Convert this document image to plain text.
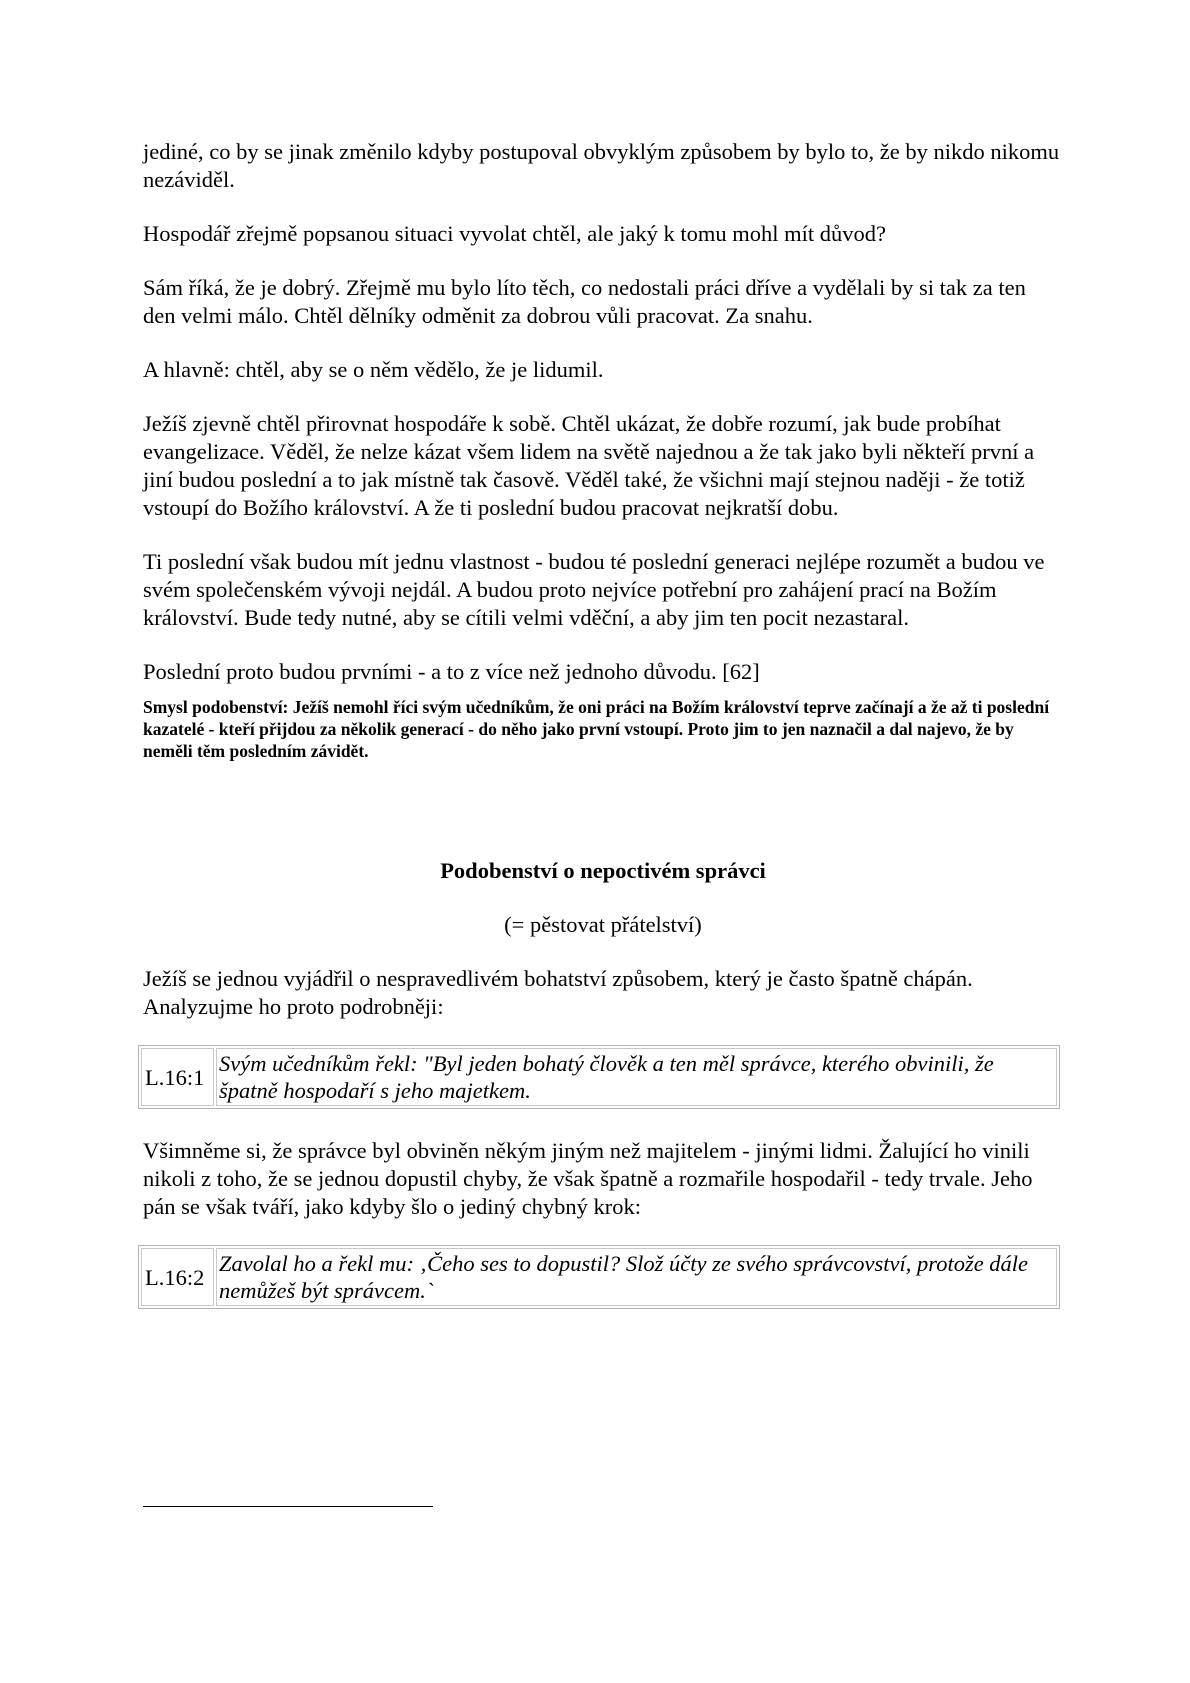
jediné, co by se jinak změnilo kdyby postupoval obvyklým způsobem by bylo to, že by nikdo nikomu nezáviděl.

Hospodář zřejmě popsanou situaci vyvolat chtěl, ale jaký k tomu mohl mít důvod?

Sám říká, že je dobrý. Zřejmě mu bylo líto těch, co nedostali práci dříve a vydělali by si tak za ten den velmi málo. Chtěl dělníky odměnit za dobrou vůli pracovat. Za snahu.

A hlavně: chtěl, aby se o něm vědělo, že je lidumil.

Ježíš zjevně chtěl přirovnat hospodáře k sobě. Chtěl ukázat, že dobře rozumí, jak bude probíhat evangelizace. Věděl, že nelze kázat všem lidem na světě najednou a že tak jako byli někteří první a jiní budou poslední a to jak místně tak časově. Věděl také, že všichni mají stejnou naději - že totiž vstoupí do Božího království. A že ti poslední budou pracovat nejkratší dobu.

Ti poslední však budou mít jednu vlastnost - budou té poslední generaci nejlépe rozumět a budou ve svém společenském vývoji nejdál. A budou proto nejvíce potřební pro zahájení prací na Božím království. Bude tedy nutné, aby se cítili velmi vděční, a aby jim ten pocit nezastaral.

Poslední proto budou prvními - a to z více než jednoho důvodu. [62]

Smysl podobenství: Ježíš nemohl říci svým učedníkům, že oni práci na Božím království teprve začínají a že až ti poslední kazatelé - kteří přijdou za několik generací - do něho jako první vstoupí. Proto jim to jen naznačil a dal najevo, že by neměli těm posledním závidět.

Podobenství o nepoctivém správci
(= pěstovat přátelství)

Ježíš se jednou vyjádřil o nespravedlivém bohatství způsobem, který je často špatně chápán. Analyzujme ho proto podrobněji:

L.16:1	Svým učedníkům řekl: "Byl jeden bohatý člověk a ten měl správce, kterého obvinili, že špatně hospodaří s jeho majetkem.

Všimněme si, že správce byl obviněn někým jiným než majitelem - jinými lidmi. Žalující ho vinili nikoli z toho, že se jednou dopustil chyby, že však špatně a rozmařile hospodařil - tedy trvale. Jeho pán se však tváří, jako kdyby šlo o jediný chybný krok:

L.16:2	Zavolal ho a řekl mu: ‚Čeho ses to dopustil? Slož účty ze svého správcovství, protože dále nemůžeš být správcem.`
